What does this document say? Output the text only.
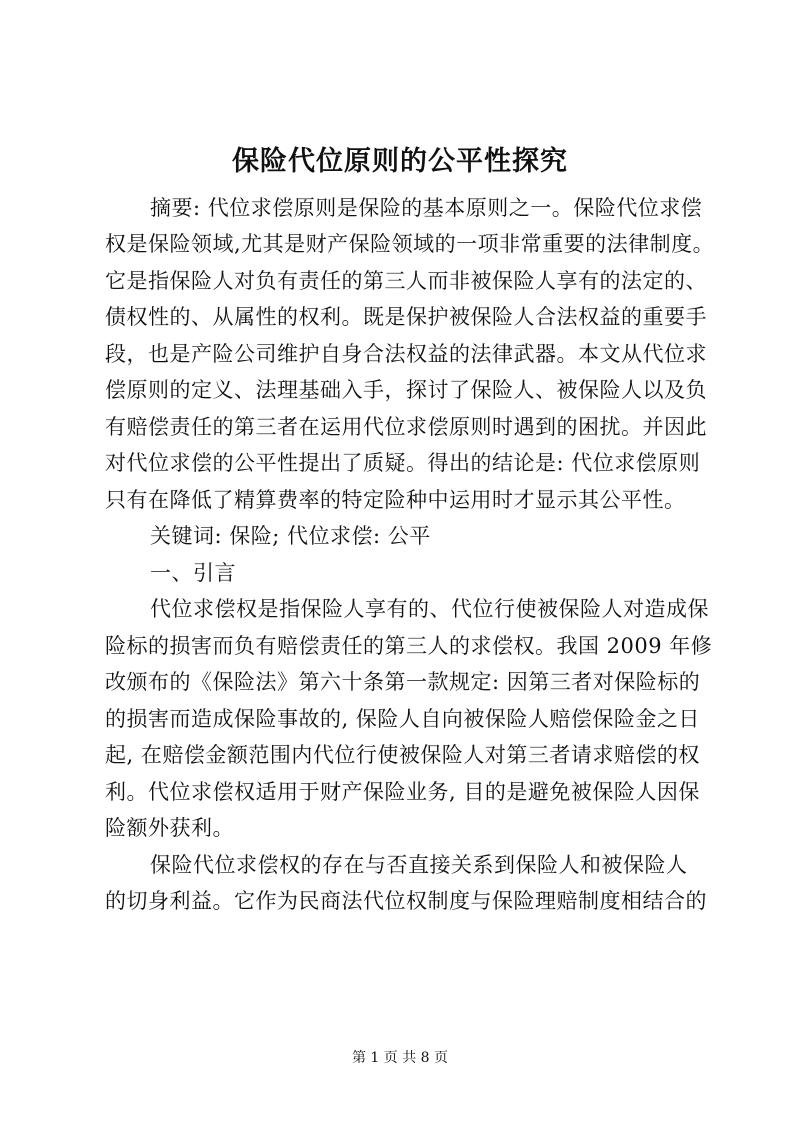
保险代位原则的公平性探究
摘要: 代位求偿原则是保险的基本原则之一。保险代位求偿
权是保险领域,尤其是财产保险领域的一项非常重要的法律制度。
它是指保险人对负有责任的第三人而非被保险人享有的法定的、
债权性的、从属性的权利。既是保护被保险人合法权益的重要手
段，也是产险公司维护自身合法权益的法律武器。本文从代位求
偿原则的定义、法理基础入手，探讨了保险人、被保险人以及负
有赔偿责任的第三者在运用代位求偿原则时遇到的困扰。并因此
对代位求偿的公平性提出了质疑。得出的结论是: 代位求偿原则
只有在降低了精算费率的特定险种中运用时才显示其公平性。
关键词: 保险; 代位求偿: 公平
一、引言
代位求偿权是指保险人享有的、代位行使被保险人对造成保
险标的损害而负有赔偿责任的第三人的求偿权。我国 2009 年修
改颁布的《保险法》第六十条第一款规定: 因第三者对保险标的
的损害而造成保险事故的, 保险人自向被保险人赔偿保险金之日
起, 在赔偿金额范围内代位行使被保险人对第三者请求赔偿的权
利。代位求偿权适用于财产保险业务, 目的是避免被保险人因保
险额外获利。
保险代位求偿权的存在与否直接关系到保险人和被保险人
的切身利益。它作为民商法代位权制度与保险理赔制度相结合的
第 1 页 共 8 页
